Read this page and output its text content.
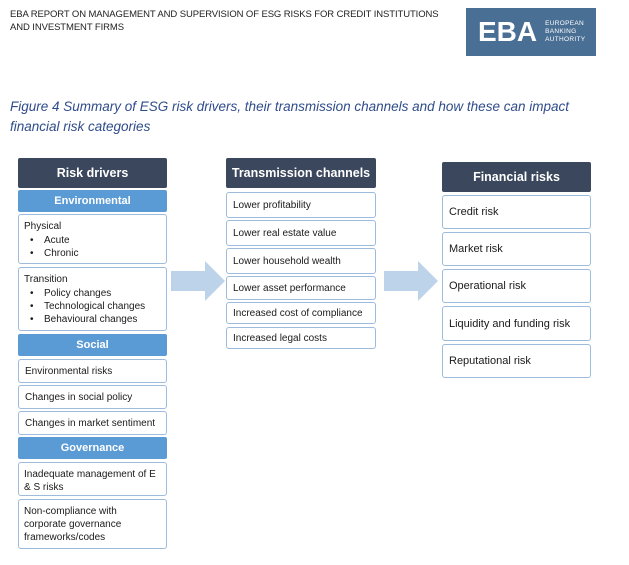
EBA REPORT ON MANAGEMENT AND SUPERVISION OF ESG RISKS FOR CREDIT INSTITUTIONS AND INVESTMENT FIRMS	EBA EUROPEAN
BANKING
AUTHORITY
Figure 4 Summary of ESG risk drivers, their transmission channels and how these can impact financial risk categories
Risk drivers
Environmental
Physical
• Acute
• Chronic
Transition
• Policy changes
• Technological changes
• Behavioural changes
Social
Environmental risks
Changes in social policy
Changes in market sentiment
Governance
Inadequate management of E & S risks
Non-compliance with corporate governance frameworks/codes
Transmission channels
Lower profitability
Lower real estate value
Lower household wealth
Lower asset performance
Increased cost of compliance
Increased legal costs
Financial risks
Credit risk
Market risk
Operational risk
Liquidity and funding risk
Reputational risk
